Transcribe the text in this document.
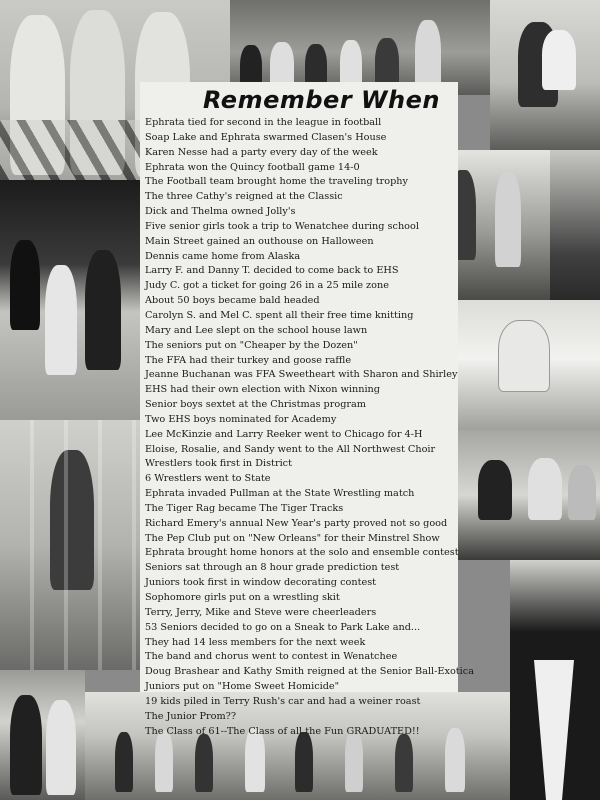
Remember When
Ephrata tied for second in the league in football
Soap Lake and Ephrata swarmed Clasen's House
Karen Nesse had a party every day of the week
Ephrata won the Quincy football game 14-0
The Football team brought home the traveling trophy
The three Cathy's reigned at the Classic
Dick and Thelma owned Jolly's
Five senior girls took a trip to Wenatchee during school
Main Street gained an outhouse on Halloween
Dennis came home from Alaska
Larry F. and Danny T. decided to come back to EHS
Judy C. got a ticket for going 26 in a 25 mile zone
About 50 boys became bald headed
Carolyn S. and Mel C. spent all their free time knitting
Mary and Lee slept on the school house lawn
The seniors put on "Cheaper by the Dozen"
The FFA had their turkey and goose raffle
Jeanne Buchanan was FFA Sweetheart with Sharon and Shirley
EHS had their own election with Nixon winning
Senior boys sextet at the Christmas program
Two EHS boys nominated for Academy
Lee McKinzie and Larry Reeker went to Chicago for 4-H
Eloise, Rosalie, and Sandy went to the All Northwest Choir
Wrestlers took first in District
6 Wrestlers went to State
Ephrata invaded Pullman at the State Wrestling match
The Tiger Rag became The Tiger Tracks
Richard Emery's annual New Year's party proved not so good
The Pep Club put on "New Orleans" for their Minstrel Show
Ephrata brought home honors at the solo and ensemble contest
Seniors sat through an 8 hour grade prediction test
Juniors took first in window decorating contest
Sophomore girls put on a wrestling skit
Terry, Jerry, Mike and Steve were cheerleaders
53 Seniors decided to go on a Sneak to Park Lake and...
They had 14 less members for the next week
The band and chorus went to contest in Wenatchee
Doug Brashear and Kathy Smith reigned at the Senior Ball-Exotica
Juniors put on "Home Sweet Homicide"
19 kids piled in Terry Rush's car and had a weiner roast
The Junior Prom??
The Class of 61--The Class of all the Fun GRADUATED!!
